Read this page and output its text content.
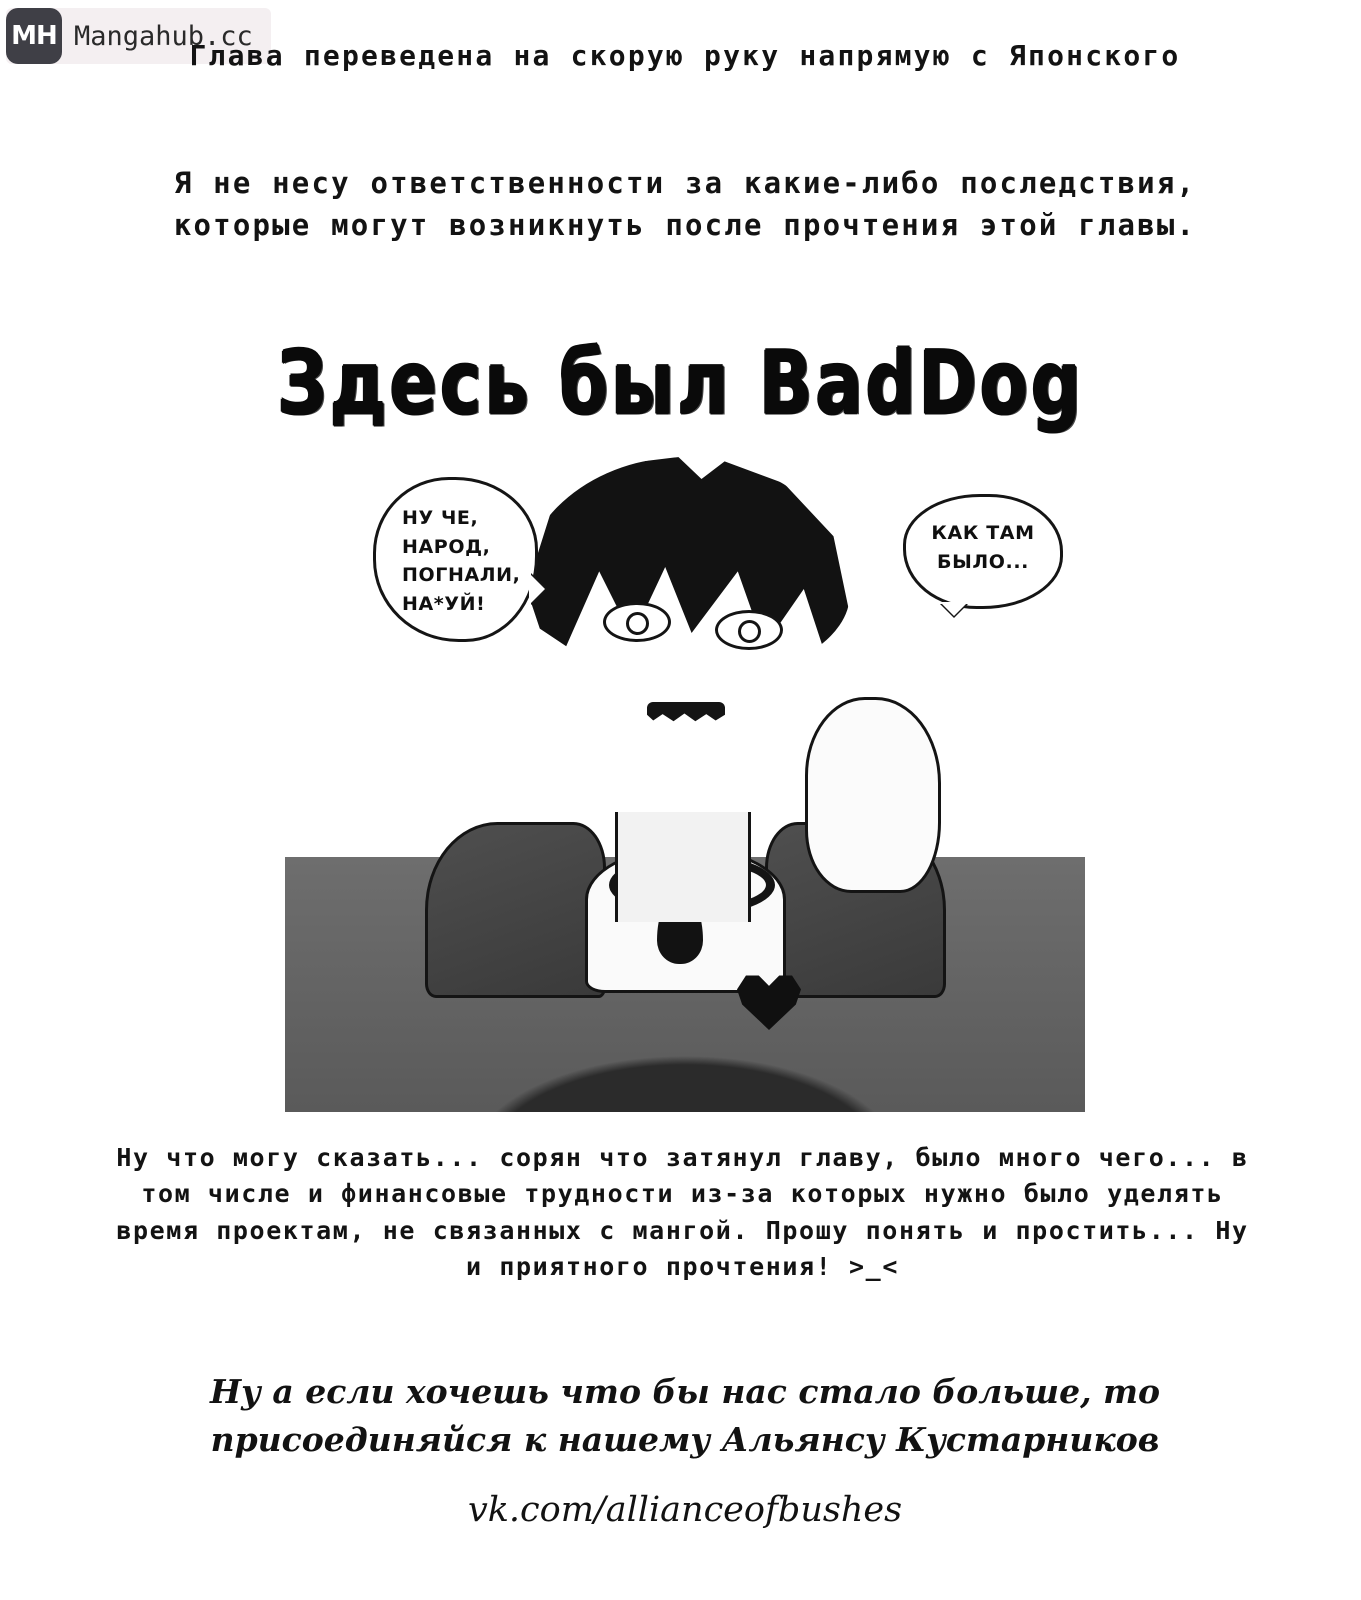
MH Mangahub.cc
Глава переведена на скорую руку напрямую с Японского
Я не несу ответственности за какие-либо последствия, которые могут возникнуть после прочтения этой главы.
Здесь был BadDog
НУ ЧЕ,
НАРОД,
ПОГНАЛИ,
НА*УЙ!
КАК ТАМ
БЫЛО...
Ну что могу сказать... сорян что затянул главу, было много чего... в том числе и финансовые трудности из-за которых нужно было уделять время проектам, не связанных с мангой. Прошу понять и простить... Ну и приятного прочтения! >_<
Ну а если хочешь что бы нас стало больше, то присоединяйся к нашему Альянсу Кустарников
vk.com/allianceofbushes
